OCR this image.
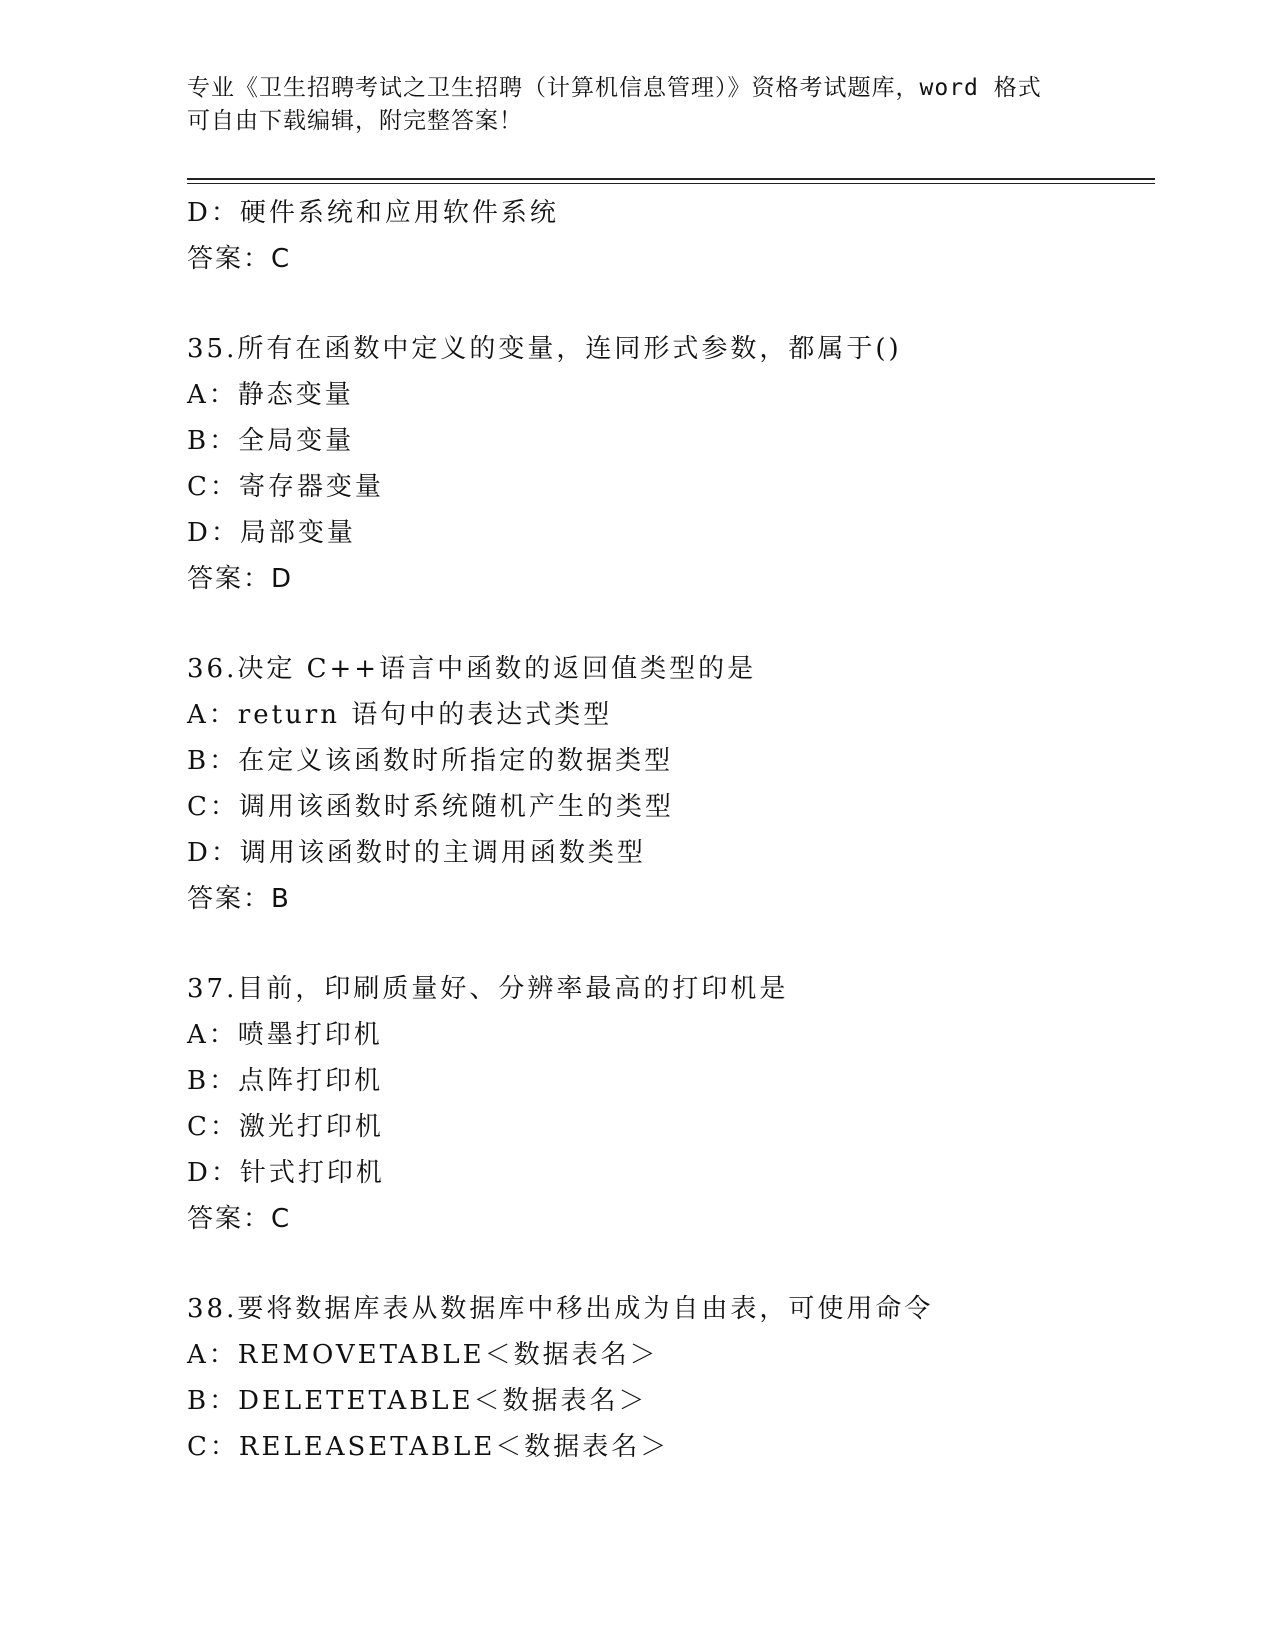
专业《卫生招聘考试之卫生招聘（计算机信息管理）》资格考试题库，word 格式
可自由下载编辑，附完整答案！
D：硬件系统和应用软件系统
答案：C
35.所有在函数中定义的变量，连同形式参数，都属于()
A：静态变量
B：全局变量
C：寄存器变量
D：局部变量
答案：D
36.决定 C++语言中函数的返回值类型的是
A：return 语句中的表达式类型
B：在定义该函数时所指定的数据类型
C：调用该函数时系统随机产生的类型
D：调用该函数时的主调用函数类型
答案：B
37.目前，印刷质量好、分辨率最高的打印机是
A：喷墨打印机
B：点阵打印机
C：激光打印机
D：针式打印机
答案：C
38.要将数据库表从数据库中移出成为自由表，可使用命令
A：REMOVETABLE＜数据表名＞
B：DELETETABLE＜数据表名＞
C：RELEASETABLE＜数据表名＞
